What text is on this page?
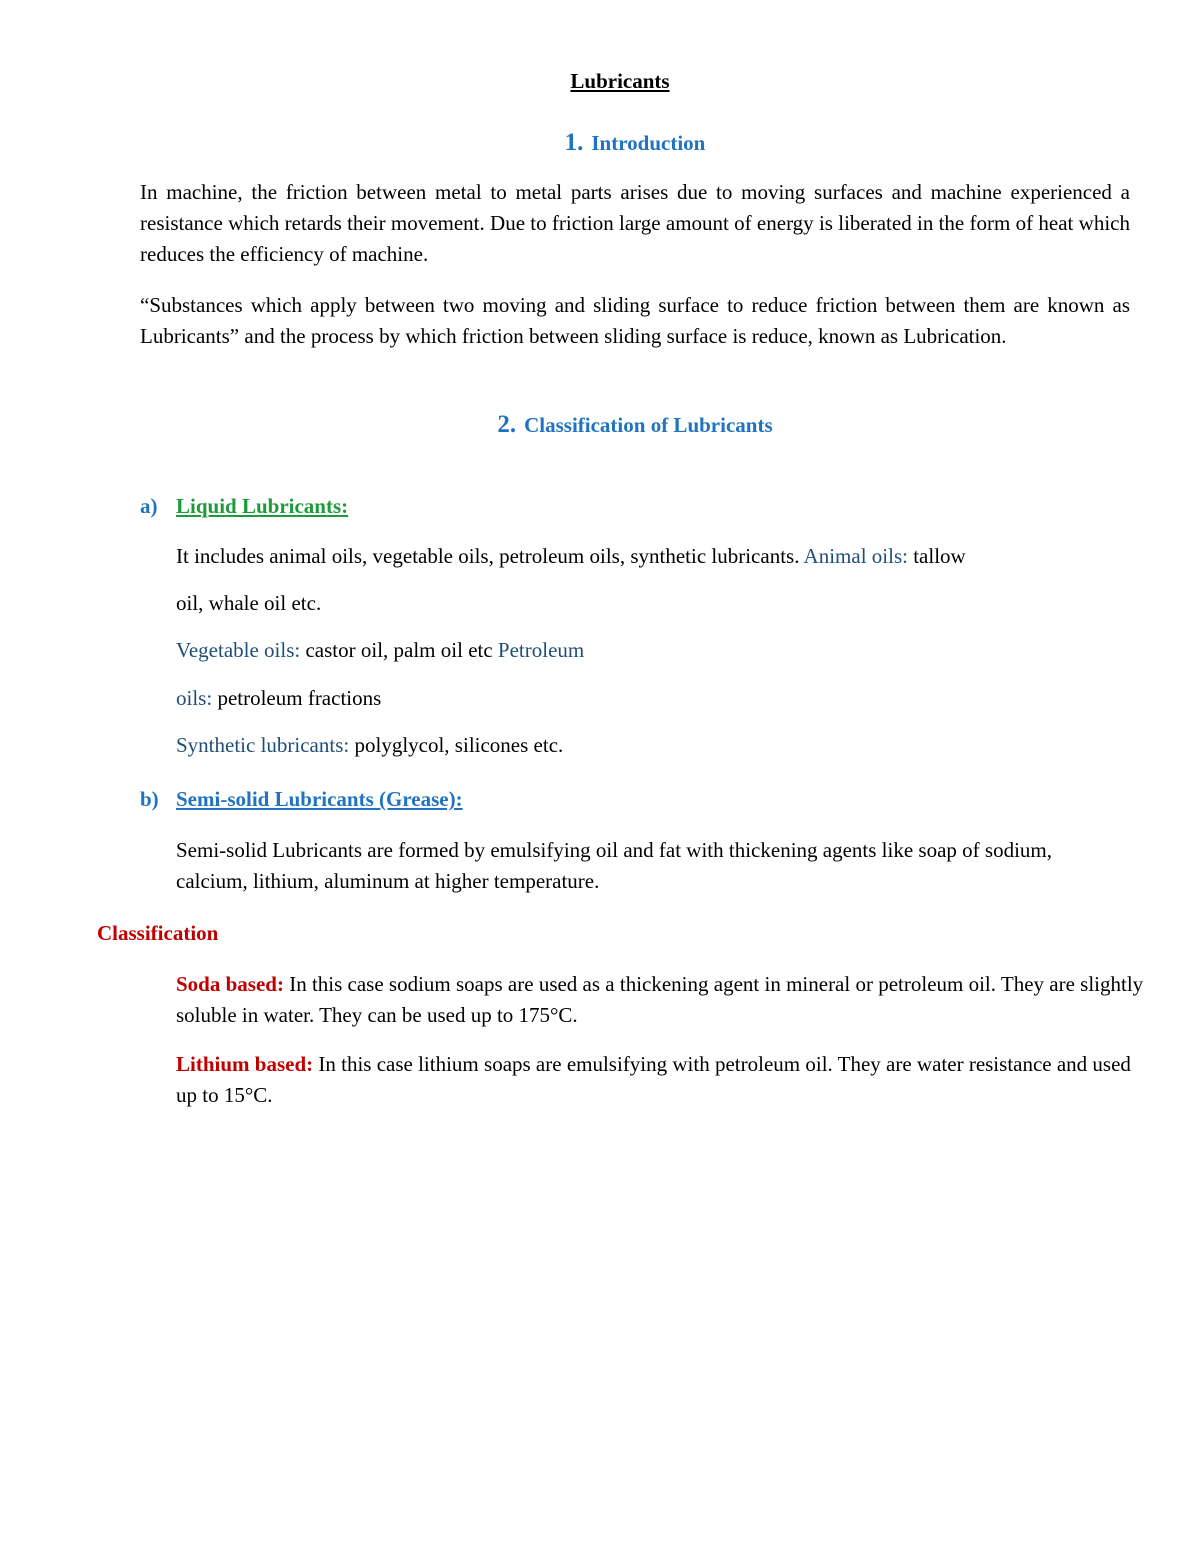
Lubricants
1. Introduction
In machine, the friction between metal to metal parts arises due to moving surfaces and machine experienced a resistance which retards their movement. Due to friction large amount of energy is liberated in the form of heat which reduces the efficiency of machine.
“Substances which apply between two moving and sliding surface to reduce friction between them are known as Lubricants” and the process by which friction between sliding surface is reduce, known as Lubrication.
2. Classification of Lubricants
a) Liquid Lubricants:
It includes animal oils, vegetable oils, petroleum oils, synthetic lubricants. Animal oils: tallow
oil, whale oil etc.
Vegetable oils: castor oil, palm oil etc Petroleum
oils: petroleum fractions
Synthetic lubricants: polyglycol, silicones etc.
b) Semi-solid Lubricants (Grease):
Semi-solid Lubricants are formed by emulsifying oil and fat with thickening agents like soap of sodium, calcium, lithium, aluminum at higher temperature.
Classification
Soda based: In this case sodium soaps are used as a thickening agent in mineral or petroleum oil. They are slightly soluble in water. They can be used up to 175°C.
Lithium based: In this case lithium soaps are emulsifying with petroleum oil. They are water resistance and used up to 15°C.
